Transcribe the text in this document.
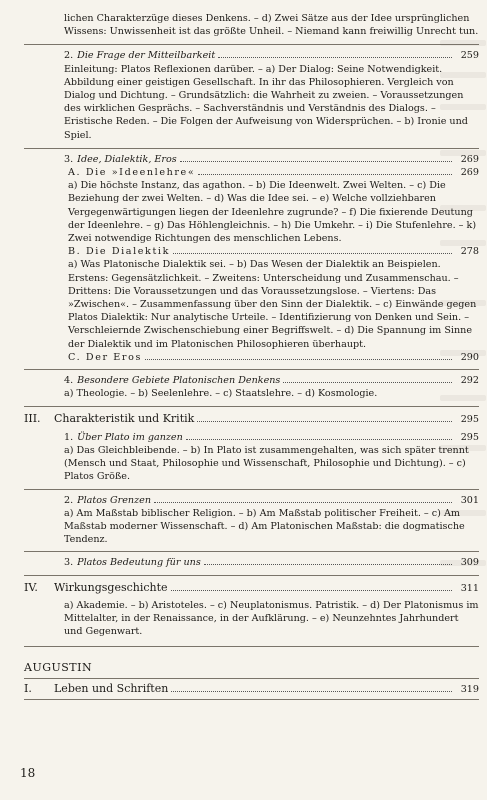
lichen Charakterzüge dieses Denkens. – d) Zwei Sätze aus der Idee ursprünglichen Wissens: Unwissenheit ist das größte Unheil. – Niemand kann freiwillig Unrecht tun.

2. Die Frage der Mitteilbarkeit	259

Einleitung: Platos Reflexionen darüber. – a) Der Dialog: Seine Notwendigkeit. Abbildung einer geistigen Gesellschaft. In ihr das Philosophieren. Vergleich von Dialog und Dichtung. – Grundsätzlich: die Wahrheit zu zweien. – Voraussetzungen des wirklichen Gesprächs. – Sachverständnis und Verständnis des Dialogs. – Eristische Reden. – Die Folgen der Aufweisung von Widersprüchen. – b) Ironie und Spiel.

3. Idee, Dialektik, Eros	269
A. Die »Ideenlehre«	269

a) Die höchste Instanz, das agathon. – b) Die Ideenwelt. Zwei Welten. – c) Die Beziehung der zwei Welten. – d) Was die Idee sei. – e) Welche vollziehbaren Vergegenwärtigungen liegen der Ideenlehre zugrunde? – f) Die fixierende Deutung der Ideenlehre. – g) Das Höhlengleichnis. – h) Die Umkehr. – i) Die Stufenlehre. – k) Zwei notwendige Richtungen des menschlichen Lebens.

B. Die Dialektik	278

a) Was Platonische Dialektik sei. – b) Das Wesen der Dialektik an Beispielen. Erstens: Gegensätzlichkeit. – Zweitens: Unterscheidung und Zusammenschau. – Drittens: Die Voraussetzungen und das Voraussetzungslose. – Viertens: Das »Zwischen«. – Zusammenfassung über den Sinn der Dialektik. – c) Einwände gegen Platos Dialektik: Nur analytische Urteile. – Identifizierung von Denken und Sein. – Verschleiernde Zwischenschiebung einer Begriffswelt. – d) Die Spannung im Sinne der Dialektik und im Platonischen Philosophieren überhaupt.

C. Der Eros	290
4. Besondere Gebiete Platonischen Denkens	292

a) Theologie. – b) Seelenlehre. – c) Staatslehre. – d) Kosmologie.

III.	Charakteristik und Kritik	295
1. Über Plato im ganzen	295

a) Das Gleichbleibende. – b) In Plato ist zusammengehalten, was sich später trennt (Mensch und Staat, Philosophie und Wissenschaft, Philosophie und Dichtung). – c) Platos Größe.

2. Platos Grenzen	301

a) Am Maßstab biblischer Religion. – b) Am Maßstab politischer Freiheit. – c) Am Maßstab moderner Wissenschaft. – d) Am Platonischen Maßstab: die dogmatische Tendenz.

3. Platos Bedeutung für uns	309
IV.	Wirkungsgeschichte	311

a) Akademie. – b) Aristoteles. – c) Neuplatonismus. Patristik. – d) Der Platonismus im Mittelalter, in der Renaissance, in der Aufklärung. – e) Neunzehntes Jahrhundert und Gegenwart.

AUGUSTIN
I.	Leben und Schriften	319
18
